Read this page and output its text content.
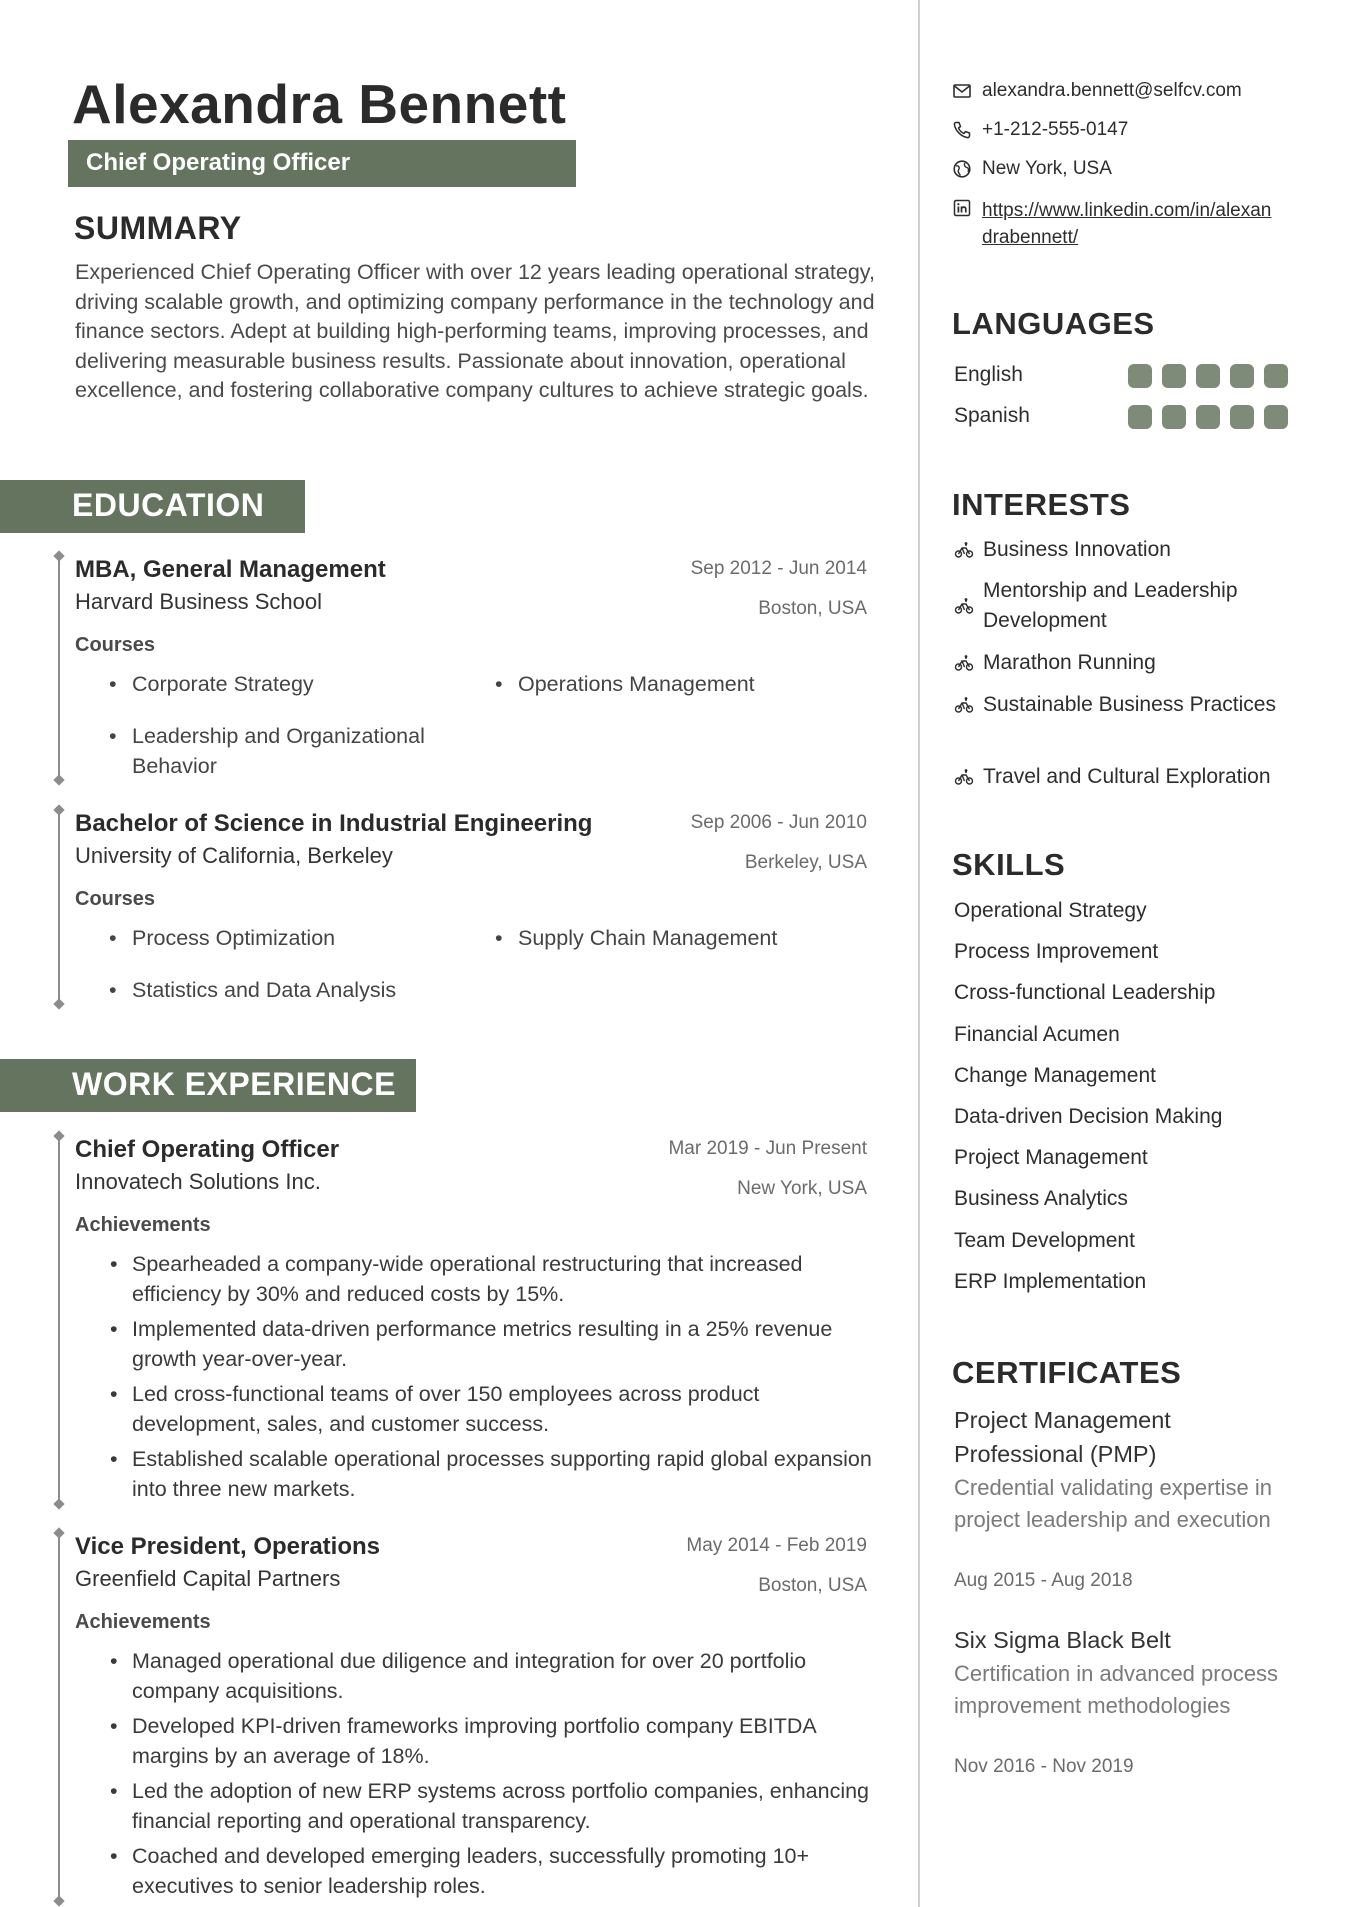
Alexandra Bennett
Chief Operating Officer
SUMMARY
Experienced Chief Operating Officer with over 12 years leading operational strategy, driving scalable growth, and optimizing company performance in the technology and finance sectors. Adept at building high-performing teams, improving processes, and delivering measurable business results. Passionate about innovation, operational excellence, and fostering collaborative company cultures to achieve strategic goals.
EDUCATION
MBA, General Management	Sep 2012 - Jun 2014
Harvard Business School	Boston, USA
Courses
• Corporate Strategy	• Operations Management
• Leadership and Organizational Behavior
Bachelor of Science in Industrial Engineering	Sep 2006 - Jun 2010
University of California, Berkeley	Berkeley, USA
Courses
• Process Optimization	• Supply Chain Management
• Statistics and Data Analysis
WORK EXPERIENCE
Chief Operating Officer	Mar 2019 - Jun Present
Innovatech Solutions Inc.	New York, USA
Achievements
• Spearheaded a company-wide operational restructuring that increased efficiency by 30% and reduced costs by 15%.
• Implemented data-driven performance metrics resulting in a 25% revenue growth year-over-year.
• Led cross-functional teams of over 150 employees across product development, sales, and customer success.
• Established scalable operational processes supporting rapid global expansion into three new markets.
Vice President, Operations	May 2014 - Feb 2019
Greenfield Capital Partners	Boston, USA
Achievements
• Managed operational due diligence and integration for over 20 portfolio company acquisitions.
• Developed KPI-driven frameworks improving portfolio company EBITDA margins by an average of 18%.
• Led the adoption of new ERP systems across portfolio companies, enhancing financial reporting and operational transparency.
• Coached and developed emerging leaders, successfully promoting 10+ executives to senior leadership roles.
alexandra.bennett@selfcv.com
+1-212-555-0147
New York, USA
https://www.linkedin.com/in/alexan
drabennett/
LANGUAGES
English
Spanish
INTERESTS
Business Innovation
Mentorship and Leadership Development
Marathon Running
Sustainable Business Practices
Travel and Cultural Exploration
SKILLS
Operational Strategy
Process Improvement
Cross-functional Leadership
Financial Acumen
Change Management
Data-driven Decision Making
Project Management
Business Analytics
Team Development
ERP Implementation
CERTIFICATES
Project Management Professional (PMP)
Credential validating expertise in project leadership and execution
Aug 2015 - Aug 2018
Six Sigma Black Belt
Certification in advanced process improvement methodologies
Nov 2016 - Nov 2019
